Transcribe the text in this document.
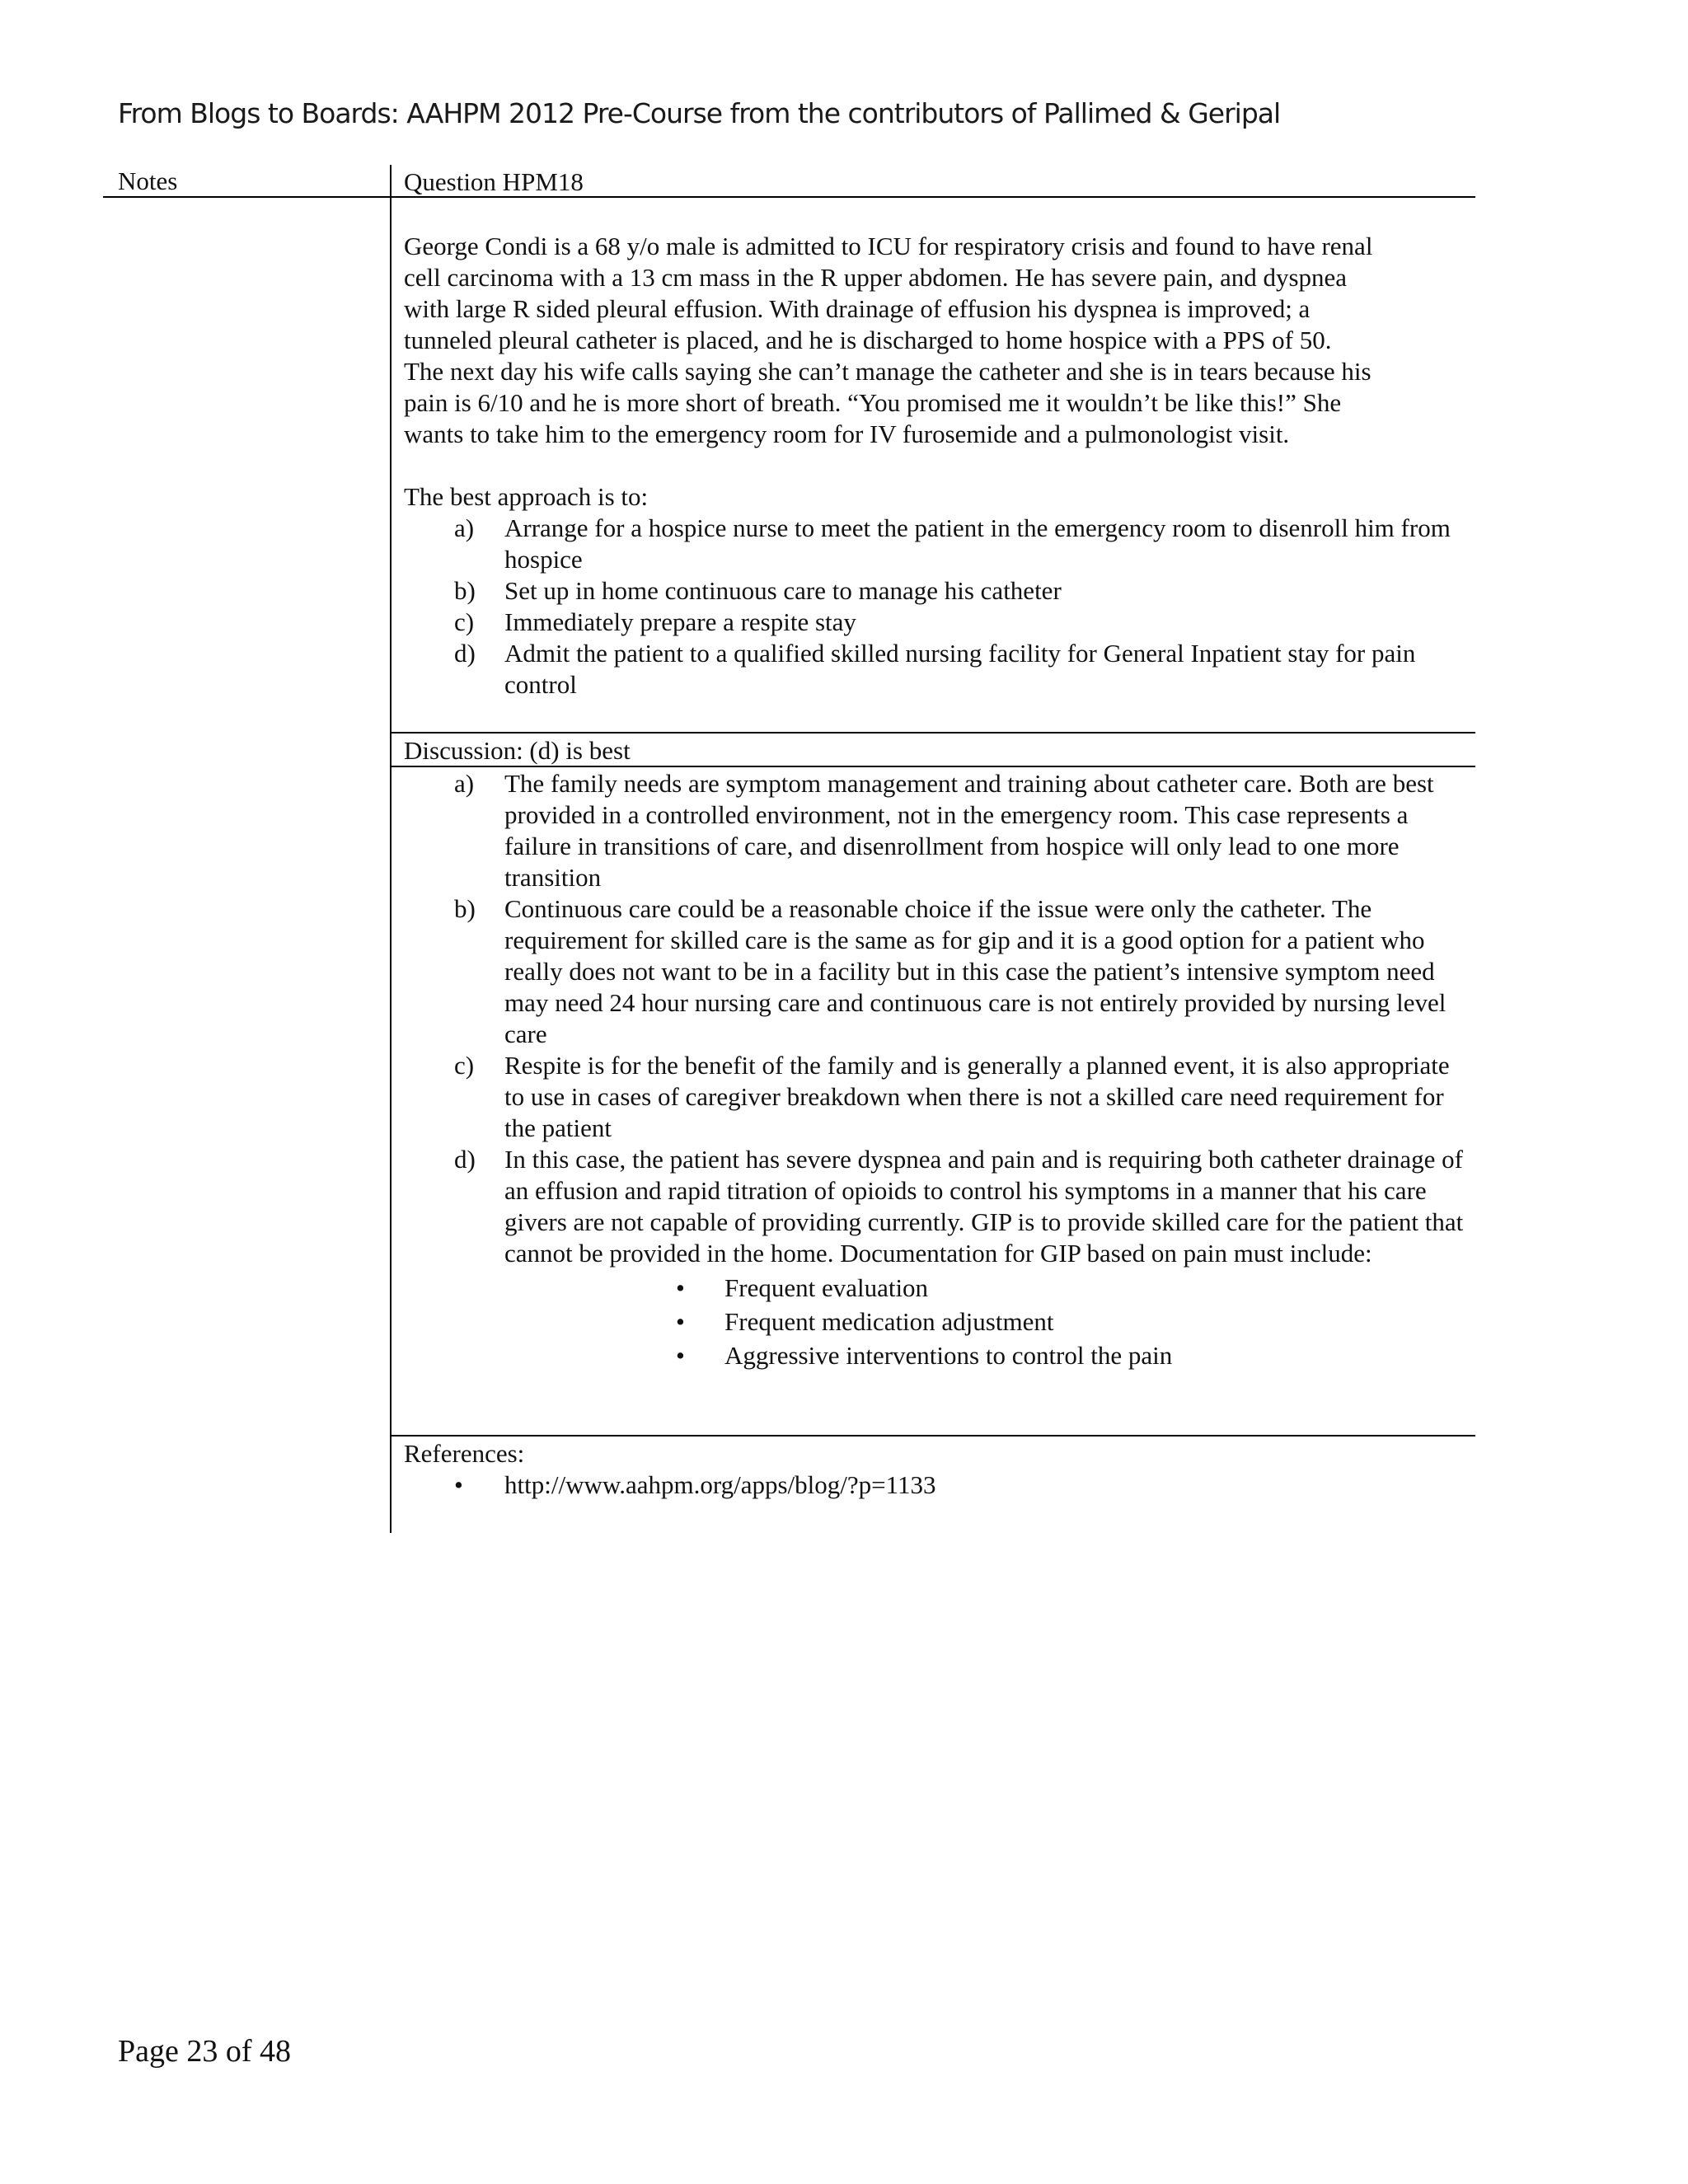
From Blogs to Boards: AAHPM 2012 Pre-Course from the contributors of Pallimed & Geripal
Notes	Question HPM18

George Condi is a 68 y/o male is admitted to ICU for respiratory crisis and found to have renal
cell carcinoma with a 13 cm mass in the R upper abdomen. He has severe pain, and dyspnea
with large R sided pleural effusion. With drainage of effusion his dyspnea is improved; a
tunneled pleural catheter is placed, and he is discharged to home hospice with a PPS of 50.
The next day his wife calls saying she can’t manage the catheter and she is in tears because his
pain is 6/10 and he is more short of breath. “You promised me it wouldn’t be like this!” She
wants to take him to the emergency room for IV furosemide and a pulmonologist visit.

The best approach is to:

a) Arrange for a hospice nurse to meet the patient in the emergency room to disenroll him from hospice
b) Set up in home continuous care to manage his catheter
c) Immediately prepare a respite stay
d) Admit the patient to a qualified skilled nursing facility for General Inpatient stay for pain control
Discussion: (d) is best
a) The family needs are symptom management and training about catheter care. Both are best provided in a controlled environment, not in the emergency room. This case represents a failure in transitions of care, and disenrollment from hospice will only lead to one more transition
b) Continuous care could be a reasonable choice if the issue were only the catheter. The requirement for skilled care is the same as for gip and it is a good option for a patient who really does not want to be in a facility but in this case the patient’s intensive symptom need may need 24 hour nursing care and continuous care is not entirely provided by nursing level care
c) Respite is for the benefit of the family and is generally a planned event, it is also appropriate to use in cases of caregiver breakdown when there is not a skilled care need requirement for the patient
d) In this case, the patient has severe dyspnea and pain and is requiring both catheter drainage of an effusion and rapid titration of opioids to control his symptoms in a manner that his care givers are not capable of providing currently. GIP is to provide skilled care for the patient that cannot be provided in the home. Documentation for GIP based on pain must include:
• Frequent evaluation
• Frequent medication adjustment
• Aggressive interventions to control the pain
References:
• http://www.aahpm.org/apps/blog/?p=1133
Page 23 of 48
